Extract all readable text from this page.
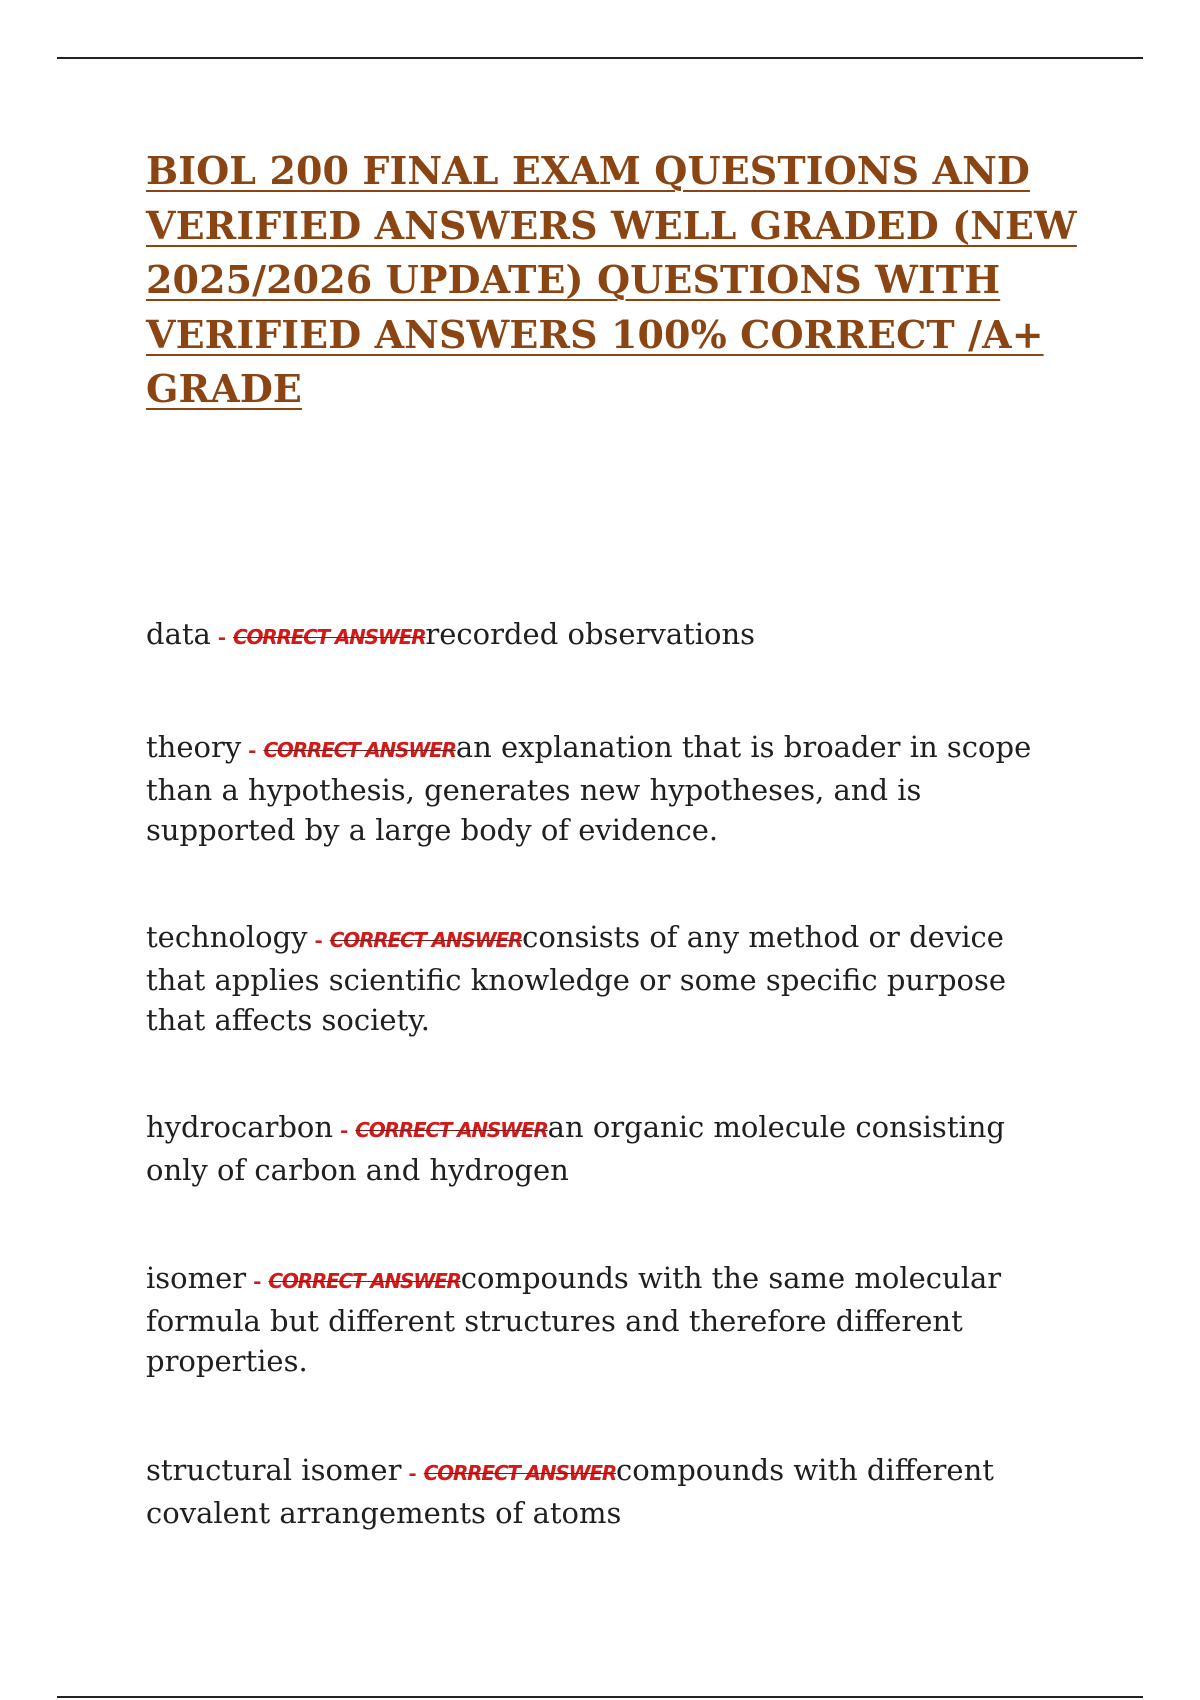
BIOL 200 FINAL EXAM QUESTIONS AND VERIFIED ANSWERS WELL GRADED (NEW 2025/2026 UPDATE) QUESTIONS WITH VERIFIED ANSWERS 100% CORRECT /A+ GRADE

data - CORRECT ANSWERrecorded observations

theory - CORRECT ANSWERan explanation that is broader in scope than a hypothesis, generates new hypotheses, and is supported by a large body of evidence.

technology - CORRECT ANSWERconsists of any method or device that applies scientific knowledge or some specific purpose that affects society.

hydrocarbon - CORRECT ANSWERan organic molecule consisting only of carbon and hydrogen

isomer - CORRECT ANSWERcompounds with the same molecular formula but different structures and therefore different properties.

structural isomer - CORRECT ANSWERcompounds with different covalent arrangements of atoms
